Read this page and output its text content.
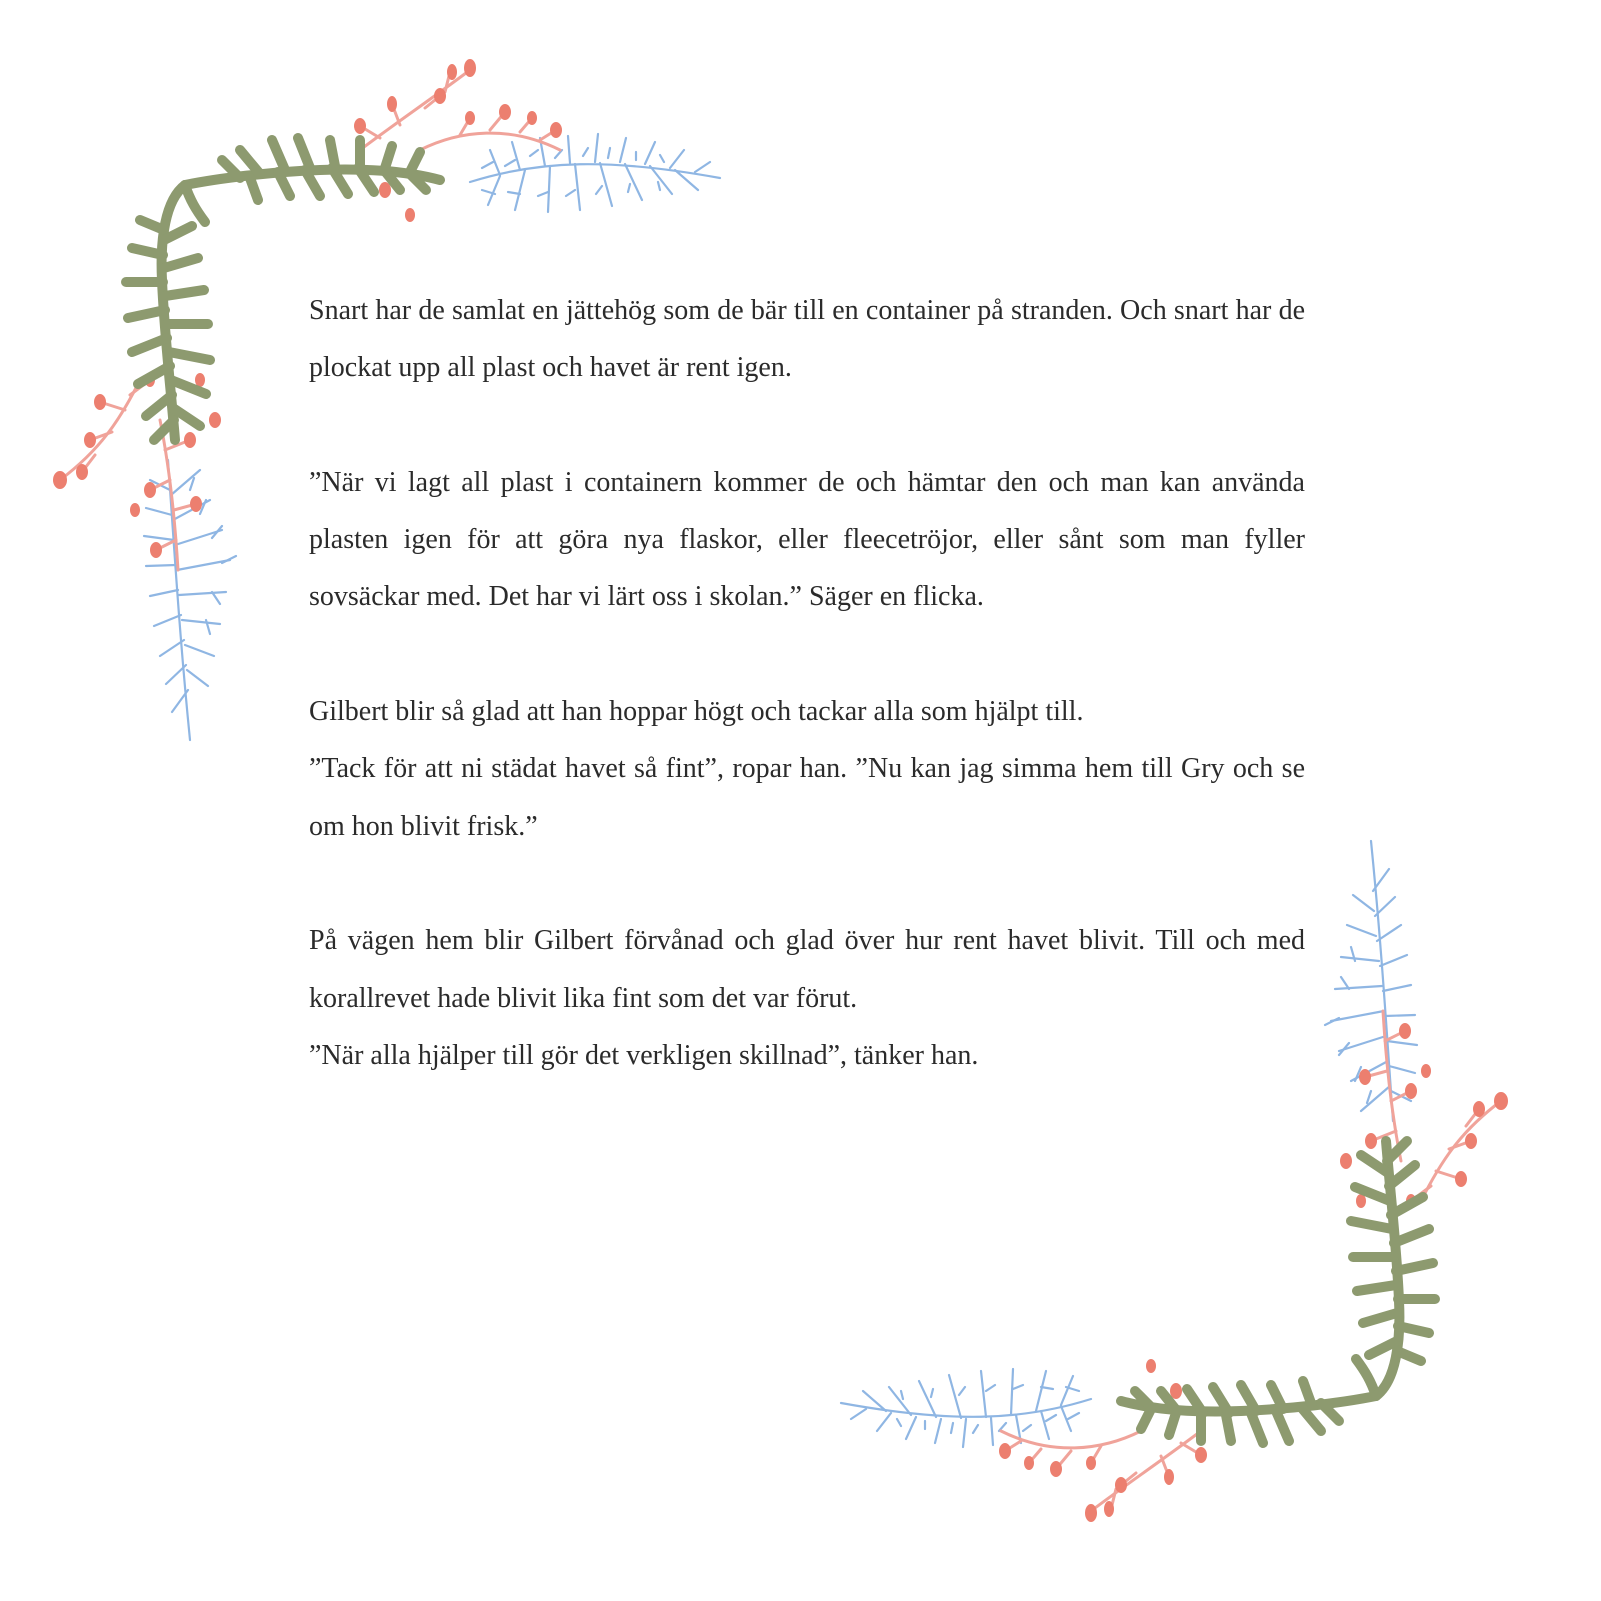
Snart har de samlat en jättehög som de bär till en container på stranden. Och snart har de plockat upp all plast och havet är rent igen.

”När vi lagt all plast i containern kommer de och hämtar den och man kan använda plasten igen för att göra nya flaskor, eller fleecetröjor, eller sånt som man fyller sovsäckar med. Det har vi lärt oss i skolan.” Säger en flicka.

Gilbert blir så glad att han hoppar högt och tackar alla som hjälpt till.

”Tack för att ni städat havet så fint”, ropar han. ”Nu kan jag simma hem till Gry och se om hon blivit frisk.”

På vägen hem blir Gilbert förvånad och glad över hur rent havet blivit. Till och med korallrevet hade blivit lika fint som det var förut.

”När alla hjälper till gör det verkligen skillnad”, tänker han.
